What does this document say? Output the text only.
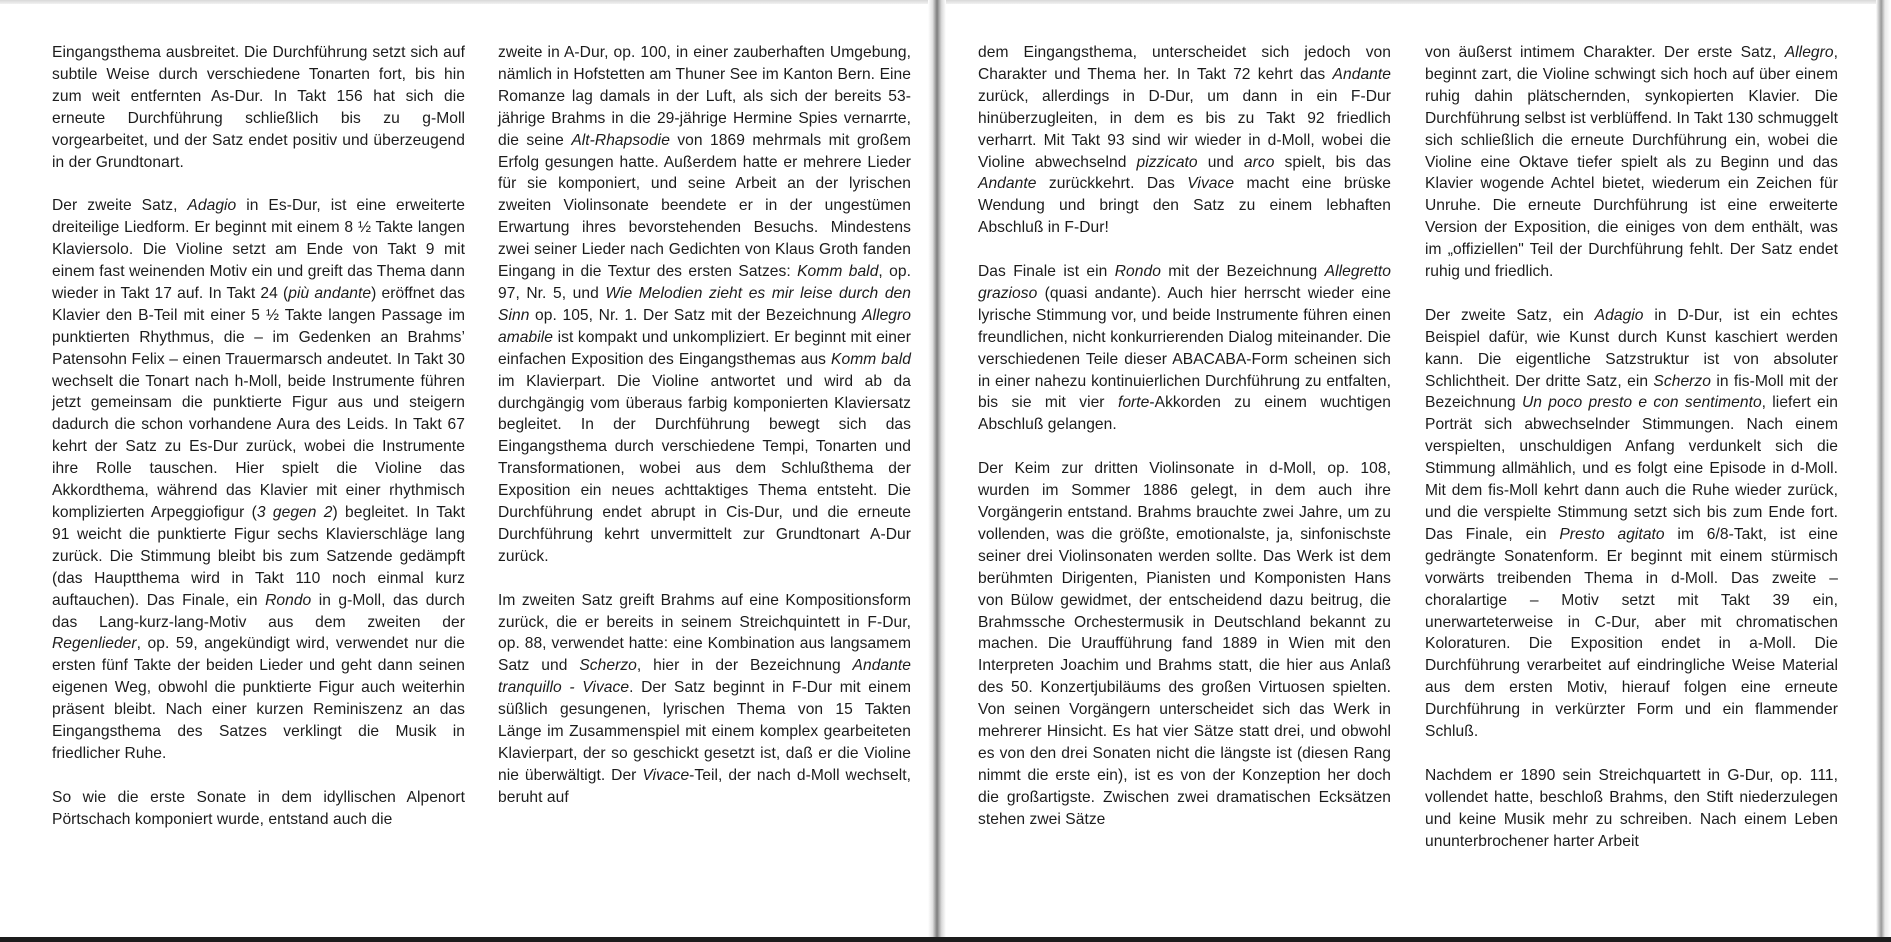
Eingangsthema ausbreitet. Die Durchführung setzt sich auf subtile Weise durch verschiedene Tonarten fort, bis hin zum weit entfernten As-Dur. In Takt 156 hat sich die erneute Durchführung schließlich bis zu g-Moll vorgearbeitet, und der Satz endet positiv und überzeugend in der Grundtonart.

Der zweite Satz, Adagio in Es-Dur, ist eine erweiterte dreiteilige Liedform. Er beginnt mit einem 8 ½ Takte langen Klaviersolo. Die Violine setzt am Ende von Takt 9 mit einem fast weinenden Motiv ein und greift das Thema dann wieder in Takt 17 auf. In Takt 24 (più andante) eröffnet das Klavier den B-Teil mit einer 5 ½ Takte langen Passage im punktierten Rhythmus, die – im Gedenken an Brahms’ Patensohn Felix – einen Trauermarsch andeutet. In Takt 30 wechselt die Tonart nach h-Moll, beide Instrumente führen jetzt gemeinsam die punktierte Figur aus und steigern dadurch die schon vorhandene Aura des Leids. In Takt 67 kehrt der Satz zu Es-Dur zurück, wobei die Instrumente ihre Rolle tauschen. Hier spielt die Violine das Akkordthema, während das Klavier mit einer rhythmisch komplizierten Arpeggiofigur (3 gegen 2) begleitet. In Takt 91 weicht die punktierte Figur sechs Klavierschläge lang zurück. Die Stimmung bleibt bis zum Satzende gedämpft (das Hauptthema wird in Takt 110 noch einmal kurz auftauchen). Das Finale, ein Rondo in g-Moll, das durch das Lang-kurz-lang-Motiv aus dem zweiten der Regenlieder, op. 59, angekündigt wird, verwendet nur die ersten fünf Takte der beiden Lieder und geht dann seinen eigenen Weg, obwohl die punktierte Figur auch weiterhin präsent bleibt. Nach einer kurzen Reminiszenz an das Eingangsthema des Satzes verklingt die Musik in friedlicher Ruhe.

So wie die erste Sonate in dem idyllischen Alpenort Pörtschach komponiert wurde, entstand auch die

zweite in A-Dur, op. 100, in einer zauberhaften Umgebung, nämlich in Hofstetten am Thuner See im Kanton Bern. Eine Romanze lag damals in der Luft, als sich der bereits 53-jährige Brahms in die 29-jährige Hermine Spies vernarrte, die seine Alt-Rhapsodie von 1869 mehrmals mit großem Erfolg gesungen hatte. Außerdem hatte er mehrere Lieder für sie komponiert, und seine Arbeit an der lyrischen zweiten Violinsonate beendete er in der ungestümen Erwartung ihres bevorstehenden Besuchs. Mindestens zwei seiner Lieder nach Gedichten von Klaus Groth fanden Eingang in die Textur des ersten Satzes: Komm bald, op. 97, Nr. 5, und Wie Melodien zieht es mir leise durch den Sinn op. 105, Nr. 1. Der Satz mit der Bezeichnung Allegro amabile ist kompakt und unkompliziert. Er beginnt mit einer einfachen Exposition des Eingangsthemas aus Komm bald im Klavierpart. Die Violine antwortet und wird ab da durchgängig vom überaus farbig komponierten Klaviersatz begleitet. In der Durchführung bewegt sich das Eingangsthema durch verschiedene Tempi, Tonarten und Transformationen, wobei aus dem Schlußthema der Exposition ein neues achttaktiges Thema entsteht. Die Durchführung endet abrupt in Cis-Dur, und die erneute Durchführung kehrt unvermittelt zur Grundtonart A-Dur zurück.

Im zweiten Satz greift Brahms auf eine Kompositionsform zurück, die er bereits in seinem Streichquintett in F-Dur, op. 88, verwendet hatte: eine Kombination aus langsamem Satz und Scherzo, hier in der Bezeichnung Andante tranquillo - Vivace. Der Satz beginnt in F-Dur mit einem süßlich gesungenen, lyrischen Thema von 15 Takten Länge im Zusammenspiel mit einem komplex gearbeiteten Klavierpart, der so geschickt gesetzt ist, daß er die Violine nie überwältigt. Der Vivace-Teil, der nach d-Moll wechselt, beruht auf

dem Eingangsthema, unterscheidet sich jedoch von Charakter und Thema her. In Takt 72 kehrt das Andante zurück, allerdings in D-Dur, um dann in ein F-Dur hinüberzugleiten, in dem es bis zu Takt 92 friedlich verharrt. Mit Takt 93 sind wir wieder in d-Moll, wobei die Violine abwechselnd pizzicato und arco spielt, bis das Andante zurückkehrt. Das Vivace macht eine brüske Wendung und bringt den Satz zu einem lebhaften Abschluß in F-Dur!

Das Finale ist ein Rondo mit der Bezeichnung Allegretto grazioso (quasi andante). Auch hier herrscht wieder eine lyrische Stimmung vor, und beide Instrumente führen einen freundlichen, nicht konkurrierenden Dialog miteinander. Die verschiedenen Teile dieser ABACABA-Form scheinen sich in einer nahezu kontinuierlichen Durchführung zu entfalten, bis sie mit vier forte-Akkorden zu einem wuchtigen Abschluß gelangen.

Der Keim zur dritten Violinsonate in d-Moll, op. 108, wurden im Sommer 1886 gelegt, in dem auch ihre Vorgängerin entstand. Brahms brauchte zwei Jahre, um zu vollenden, was die größte, emotionalste, ja, sinfonischste seiner drei Violinsonaten werden sollte. Das Werk ist dem berühmten Dirigenten, Pianisten und Komponisten Hans von Bülow gewidmet, der entscheidend dazu beitrug, die Brahmssche Orchestermusik in Deutschland bekannt zu machen. Die Uraufführung fand 1889 in Wien mit den Interpreten Joachim und Brahms statt, die hier aus Anlaß des 50. Konzertjubiläums des großen Virtuosen spielten. Von seinen Vorgängern unterscheidet sich das Werk in mehrerer Hinsicht. Es hat vier Sätze statt drei, und obwohl es von den drei Sonaten nicht die längste ist (diesen Rang nimmt die erste ein), ist es von der Konzeption her doch die großartigste. Zwischen zwei dramatischen Ecksätzen stehen zwei Sätze

von äußerst intimem Charakter. Der erste Satz, Allegro, beginnt zart, die Violine schwingt sich hoch auf über einem ruhig dahin plätschernden, synkopierten Klavier. Die Durchführung selbst ist verblüffend. In Takt 130 schmuggelt sich schließlich die erneute Durchführung ein, wobei die Violine eine Oktave tiefer spielt als zu Beginn und das Klavier wogende Achtel bietet, wiederum ein Zeichen für Unruhe. Die erneute Durchführung ist eine erweiterte Version der Exposition, die einiges von dem enthält, was im „offiziellen" Teil der Durchführung fehlt. Der Satz endet ruhig und friedlich.

Der zweite Satz, ein Adagio in D-Dur, ist ein echtes Beispiel dafür, wie Kunst durch Kunst kaschiert werden kann. Die eigentliche Satzstruktur ist von absoluter Schlichtheit. Der dritte Satz, ein Scherzo in fis-Moll mit der Bezeichnung Un poco presto e con sentimento, liefert ein Porträt sich abwechselnder Stimmungen. Nach einem verspielten, unschuldigen Anfang verdunkelt sich die Stimmung allmählich, und es folgt eine Episode in d-Moll. Mit dem fis-Moll kehrt dann auch die Ruhe wieder zurück, und die verspielte Stimmung setzt sich bis zum Ende fort. Das Finale, ein Presto agitato im 6/8-Takt, ist eine gedrängte Sonatenform. Er beginnt mit einem stürmisch vorwärts treibenden Thema in d-Moll. Das zweite – choralartige – Motiv setzt mit Takt 39 ein, unerwarteterweise in C-Dur, aber mit chromatischen Koloraturen. Die Exposition endet in a-Moll. Die Durchführung verarbeitet auf eindringliche Weise Material aus dem ersten Motiv, hierauf folgen eine erneute Durchführung in verkürzter Form und ein flammender Schluß.

Nachdem er 1890 sein Streichquartett in G-Dur, op. 111, vollendet hatte, beschloß Brahms, den Stift niederzulegen und keine Musik mehr zu schreiben. Nach einem Leben ununterbrochener harter Arbeit
